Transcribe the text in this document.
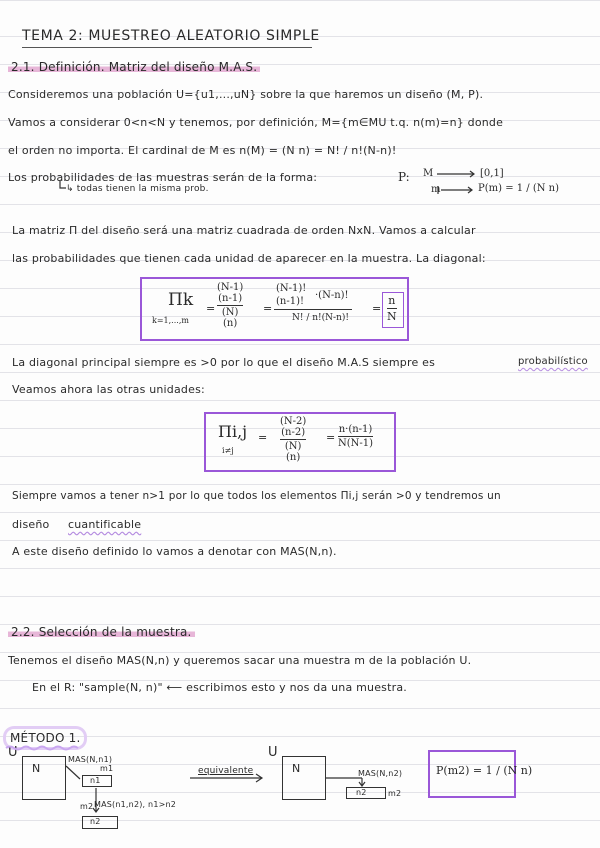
TEMA 2: MUESTREO ALEATORIO SIMPLE
2.1. Definición. Matriz del diseño M.A.S.
Consideremos una población U={u1,...,uN} sobre la que haremos un diseño (M, P).
Vamos a considerar 0<n<N y tenemos, por definición, M={m∈MU t.q. n(m)=n} donde
el orden no importa. El cardinal de M es n(M) = (N n) = N! / n!(N-n)!
Los probabilidades de las muestras serán de la forma:
↳ todas tienen la misma prob.
P: M	[0,1]
m	P(m) = 1 / (N n)
La matriz Π del diseño será una matriz cuadrada de orden NxN. Vamos a calcular
las probabilidades que tienen cada unidad de aparecer en la muestra. La diagonal:
Πk
k=1,...,m
(N-1)
(n-1)
(N)
(n)
=	=
(N-1)!
(n-1)!
·(N-n)!
N! / n!(N-n)!
=
n
N
La diagonal principal siempre es >0 por lo que el diseño M.A.S siempre es	probabilístico
Veamos ahora las otras unidades:
Πi,j
i≠j
=
(N-2)
(n-2)
(N)
(n)
=
n·(n-1)
N(N-1)
Siempre vamos a tener n>1 por lo que todos los elementos Πi,j serán >0 y tendremos un
diseño cuantificable
A este diseño definido lo vamos a denotar con MAS(N,n).
2.2. Selección de la muestra.
Tenemos el diseño MAS(N,n) y queremos sacar una muestra m de la población U.
En el R: "sample(N, n)" ⟵ escribimos esto y nos da una muestra.
MÉTODO 1.
U
N
MAS(N,n1)
n1
m1
m2 MAS(n1,n2), n1>n2
n2
equivalente
U
N	MAS(N,n2)
n2	m2
P(m2) = 1 / (N n)
